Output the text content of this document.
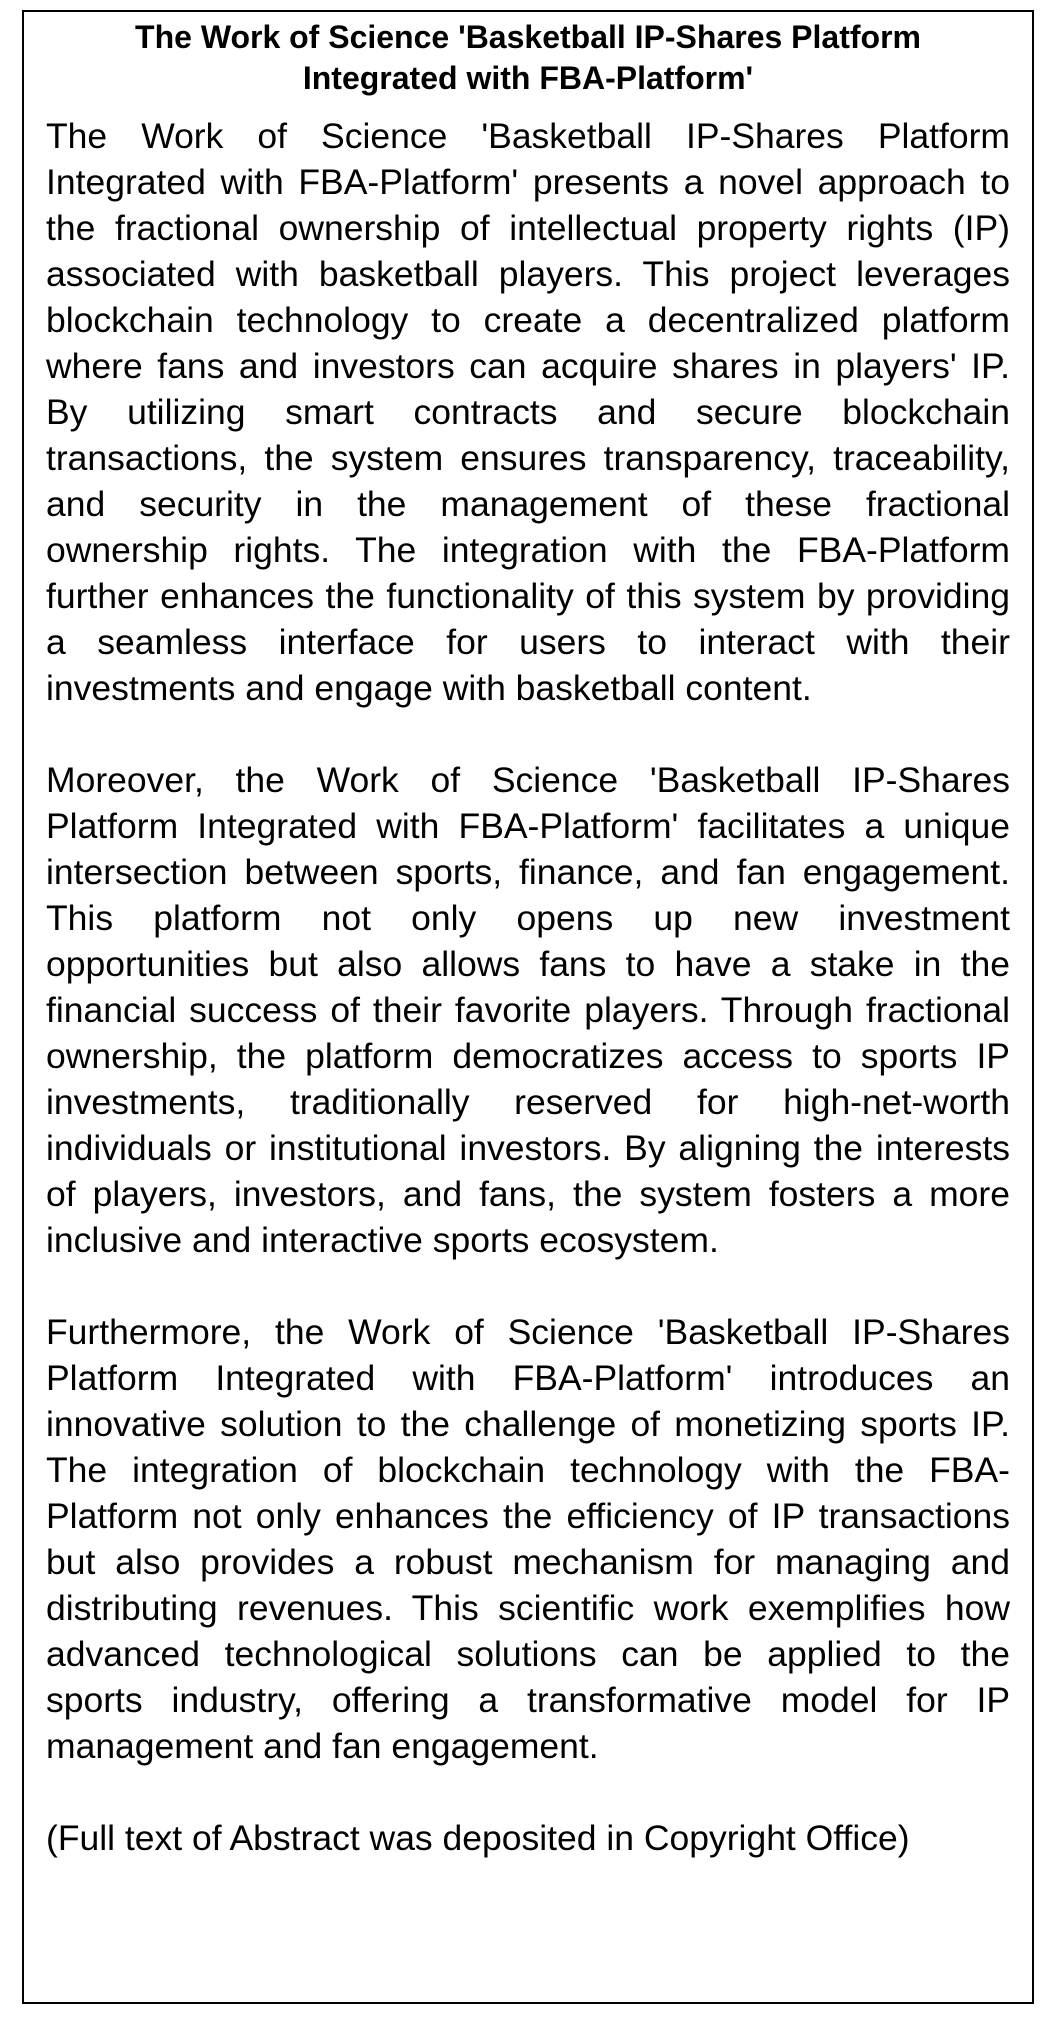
The Work of Science 'Basketball IP-Shares Platform Integrated with FBA-Platform'

The Work of Science 'Basketball IP-Shares Platform Integrated with FBA-Platform' presents a novel approach to the fractional ownership of intellectual property rights (IP) associated with basketball players. This project leverages blockchain technology to create a decentralized platform where fans and investors can acquire shares in players' IP. By utilizing smart contracts and secure blockchain transactions, the system ensures transparency, traceability, and security in the management of these fractional ownership rights. The integration with the FBA-Platform further enhances the functionality of this system by providing a seamless interface for users to interact with their investments and engage with basketball content.

Moreover, the Work of Science 'Basketball IP-Shares Platform Integrated with FBA-Platform' facilitates a unique intersection between sports, finance, and fan engagement. This platform not only opens up new investment opportunities but also allows fans to have a stake in the financial success of their favorite players. Through fractional ownership, the platform democratizes access to sports IP investments, traditionally reserved for high-net-worth individuals or institutional investors. By aligning the interests of players, investors, and fans, the system fosters a more inclusive and interactive sports ecosystem.

Furthermore, the Work of Science 'Basketball IP-Shares Platform Integrated with FBA-Platform' introduces an innovative solution to the challenge of monetizing sports IP. The integration of blockchain technology with the FBA-Platform not only enhances the efficiency of IP transactions but also provides a robust mechanism for managing and distributing revenues. This scientific work exemplifies how advanced technological solutions can be applied to the sports industry, offering a transformative model for IP management and fan engagement.

(Full text of Abstract was deposited in Copyright Office)
